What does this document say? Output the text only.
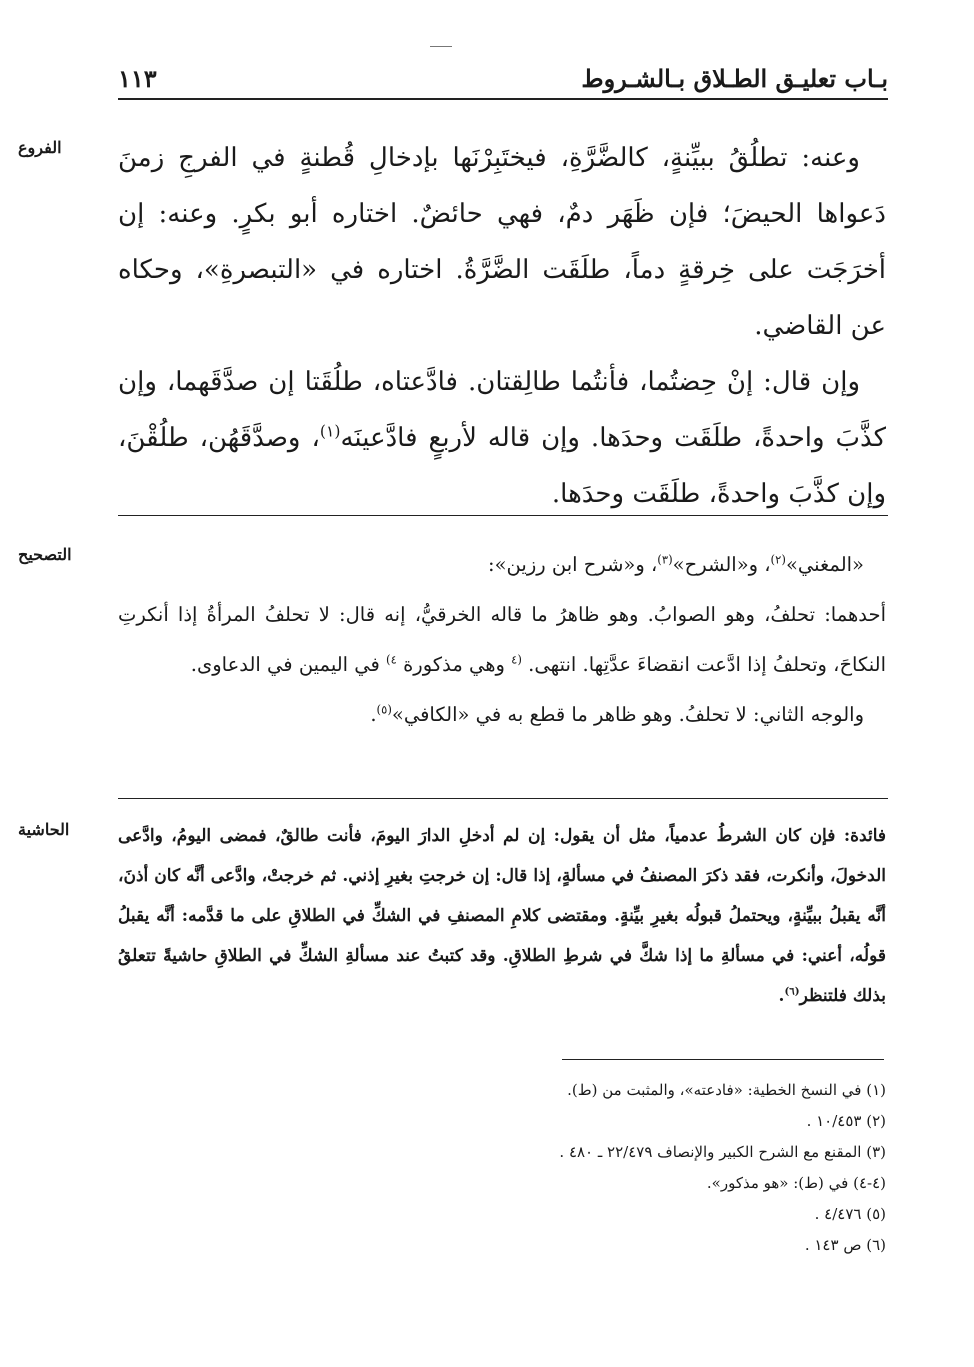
١١٣	بـاب تعليـق الطـلاق بـالشـروط
الفروع	وعنه: تطلُقُ ببيِّنةٍ، كالضَّرَّةِ، فيختَبِرْنَها بإدخالِ قُطنةٍ في الفرجِ زمنَ دَعواها الحيضَ؛ فإن ظَهَر دمٌ، فهي حائضٌ. اختاره أبو بكرٍ. وعنه: إن أخرَجَت على خِرقةٍ دماً، طلَقَت الضَّرَّةُ. اختاره في «التبصرةِ»، وحكاه عن القاضي.

وإن قال: إنْ حِضتُما، فأنتُما طالِقتان. فادَّعتاه، طلُقَتا إن صدَّقَهما، وإن كذَّبَ واحدةً، طلَقَت وحدَها. وإن قاله لأربعٍ فادَّعينَه$^{(١)}$، وصدَّقَهُن، طلُقْنَ، وإن كذَّبَ واحدةً، طلَقَت وحدَها.

التصحيح	«المغني»$^{(٢)}$، و«الشرح»$^{(٣)}$، و«شرح ابن رزين»:

أحدهما: تحلفُ، وهو الصوابُ. وهو ظاهرُ ما قاله الخرقيُّ، إنه قال: لا تحلفُ المرأةُ إذا أنكرتِ النكاحَ، وتحلفُ إذا ادَّعت انقضاءَ عدَّتِها. انتهى. $^{(٤}$ وهي مذكورة $^{٤)}$ في اليمين في الدعاوى.

والوجه الثاني: لا تحلفُ. وهو ظاهر ما قطع به في «الكافي»$^{(٥)}$.

الحاشية	فائدة: فإن كان الشرطُ عدمياً، مثل أن يقول: إن لم أدخلِ الدارَ اليومَ، فأنت طالقٌ، فمضى اليومُ، وادَّعى الدخولَ، وأنكرت، فقد ذكرَ المصنفُ في مسألةٍ، إذا قال: إن خرجتِ بغيرِ إذني. ثم خرجتْ، وادَّعى أنَّه كان أذنَ، أنَّه يقبلُ ببيِّنةٍ، ويحتملُ قبولُه بغيرِ بيِّنةٍ. ومقتضى كلامِ المصنفِ في الشكِّ في الطلاقِ على ما قدَّمه: أنَّه يقبلُ قولُه، أعني: في مسألةِ ما إذا شكَّ في شرطِ الطلاقِ. وقد كتبتُ عند مسألةِ الشكِّ في الطلاقِ حاشيةً تتعلقُ بذلك فلتنظر$^{(٦)}$.

(١) في النسخ الخطية: «فادعته»، والمثبت من (ط).
(٢) ١٠/٤٥٣ .
(٣) المقنع مع الشرح الكبير والإنصاف ٢٢/٤٧٩ ـ ٤٨٠ .
(٤-٤) في (ط): «هو مذكور».
(٥) ٤/٤٧٦ .
(٦) ص ١٤٣ .
